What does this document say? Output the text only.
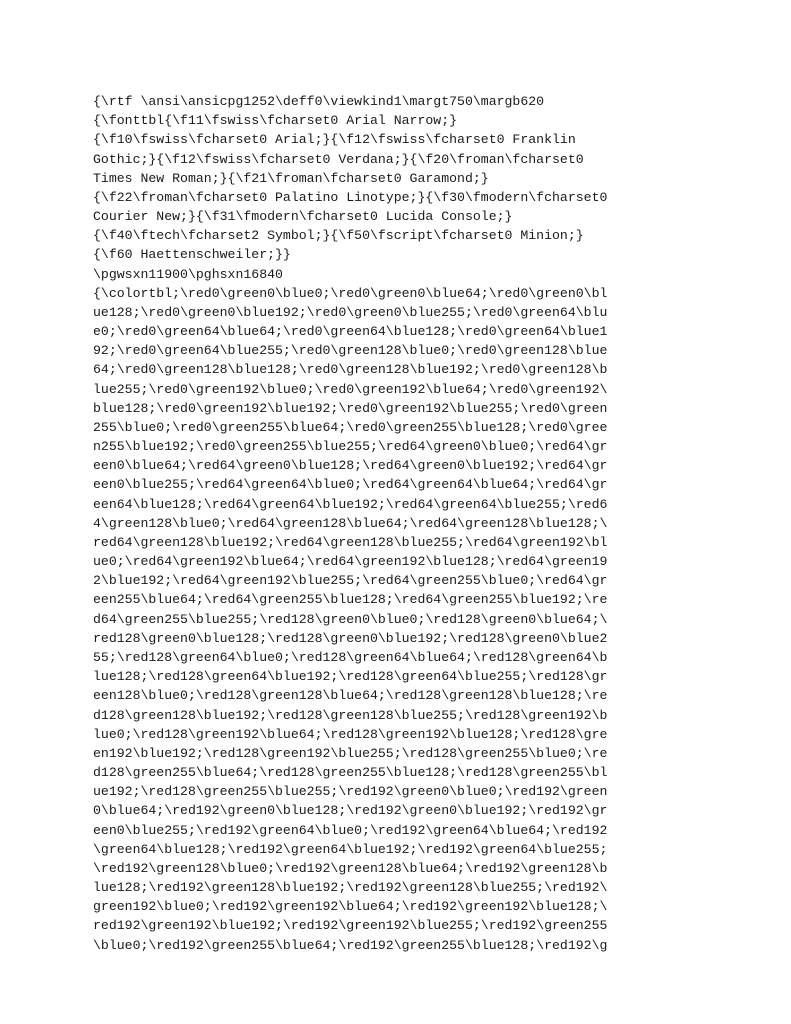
{\rtf \ansi\ansicpg1252\deff0\viewkind1\margt750\margb620
{\fonttbl{\f11\fswiss\fcharset0 Arial Narrow;}
{\f10\fswiss\fcharset0 Arial;}{\f12\fswiss\fcharset0 Franklin
Gothic;}{\f12\fswiss\fcharset0 Verdana;}{\f20\froman\fcharset0
Times New Roman;}{\f21\froman\fcharset0 Garamond;}
{\f22\froman\fcharset0 Palatino Linotype;}{\f30\fmodern\fcharset0
Courier New;}{\f31\fmodern\fcharset0 Lucida Console;}
{\f40\ftech\fcharset2 Symbol;}{\f50\fscript\fcharset0 Minion;}
{\f60 Haettenschweiler;}}
\pgwsxn11900\pghsxn16840
{\colortbl;\red0\green0\blue0;\red0\green0\blue64;\red0\green0\bl
ue128;\red0\green0\blue192;\red0\green0\blue255;\red0\green64\blu
e0;\red0\green64\blue64;\red0\green64\blue128;\red0\green64\blue1
92;\red0\green64\blue255;\red0\green128\blue0;\red0\green128\blue
64;\red0\green128\blue128;\red0\green128\blue192;\red0\green128\b
lue255;\red0\green192\blue0;\red0\green192\blue64;\red0\green192\
blue128;\red0\green192\blue192;\red0\green192\blue255;\red0\green
255\blue0;\red0\green255\blue64;\red0\green255\blue128;\red0\gree
n255\blue192;\red0\green255\blue255;\red64\green0\blue0;\red64\gr
een0\blue64;\red64\green0\blue128;\red64\green0\blue192;\red64\gr
een0\blue255;\red64\green64\blue0;\red64\green64\blue64;\red64\gr
een64\blue128;\red64\green64\blue192;\red64\green64\blue255;\red6
4\green128\blue0;\red64\green128\blue64;\red64\green128\blue128;\
red64\green128\blue192;\red64\green128\blue255;\red64\green192\bl
ue0;\red64\green192\blue64;\red64\green192\blue128;\red64\green19
2\blue192;\red64\green192\blue255;\red64\green255\blue0;\red64\gr
een255\blue64;\red64\green255\blue128;\red64\green255\blue192;\re
d64\green255\blue255;\red128\green0\blue0;\red128\green0\blue64;\
red128\green0\blue128;\red128\green0\blue192;\red128\green0\blue2
55;\red128\green64\blue0;\red128\green64\blue64;\red128\green64\b
lue128;\red128\green64\blue192;\red128\green64\blue255;\red128\gr
een128\blue0;\red128\green128\blue64;\red128\green128\blue128;\re
d128\green128\blue192;\red128\green128\blue255;\red128\green192\b
lue0;\red128\green192\blue64;\red128\green192\blue128;\red128\gre
en192\blue192;\red128\green192\blue255;\red128\green255\blue0;\re
d128\green255\blue64;\red128\green255\blue128;\red128\green255\bl
ue192;\red128\green255\blue255;\red192\green0\blue0;\red192\green
0\blue64;\red192\green0\blue128;\red192\green0\blue192;\red192\gr
een0\blue255;\red192\green64\blue0;\red192\green64\blue64;\red192
\green64\blue128;\red192\green64\blue192;\red192\green64\blue255;
\red192\green128\blue0;\red192\green128\blue64;\red192\green128\b
lue128;\red192\green128\blue192;\red192\green128\blue255;\red192\
green192\blue0;\red192\green192\blue64;\red192\green192\blue128;\
red192\green192\blue192;\red192\green192\blue255;\red192\green255
\blue0;\red192\green255\blue64;\red192\green255\blue128;\red192\g
